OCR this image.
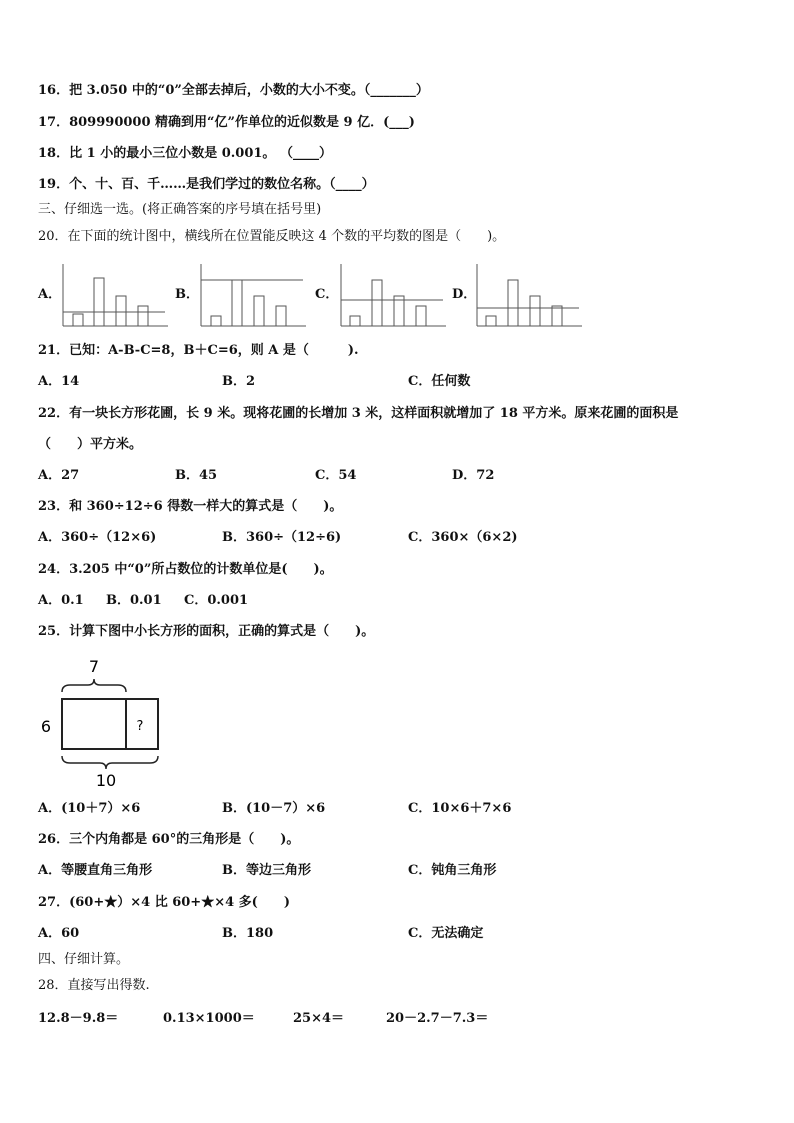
16．把 3.050 中的“0”全部去掉后，小数的大小不变。（_______）
17．809990000 精确到用“亿”作单位的近似数是 9 亿．(___)
18．比 1 小的最小三位小数是 0.001。 （____）
19．个、十、百、千……是我们学过的数位名称。（____）
三、仔细选一选。(将正确答案的序号填在括号里)
20．在下面的统计图中，横线所在位置能反映这 4 个数的平均数的图是（　　)。
A．	B．	C．	D．
21．已知：A-B-C=8，B＋C=6，则 A 是（　　　).
A．14	B．2	C．任何数
22．有一块长方形花圃，长 9 米。现将花圃的长增加 3 米，这样面积就增加了 18 平方米。原来花圃的面积是
（　　）平方米。
A．27	B．45	C．54	D．72
23．和 360÷12÷6 得数一样大的算式是（　　)。
A．360÷（12×6)	B．360÷（12÷6)	C．360×（6×2)
24．3.205 中“0”所占数位的计数单位是(　　)。
A．0.1 B．0.01 C．0.001
25．计算下图中小长方形的面积，正确的算式是（　　)。
7
6	?
10
A．(10＋7）×6	B．(10－7）×6	C．10×6＋7×6
26．三个内角都是 60°的三角形是（　　)。
A．等腰直角三角形	B．等边三角形	C．钝角三角形
27．(60+★）×4 比 60+★×4 多(　　)
A．60	B．180	C．无法确定
四、仔细计算。
28．直接写出得数.
12.8－9.8＝	0.13×1000＝	25×4＝	20－2.7－7.3＝
